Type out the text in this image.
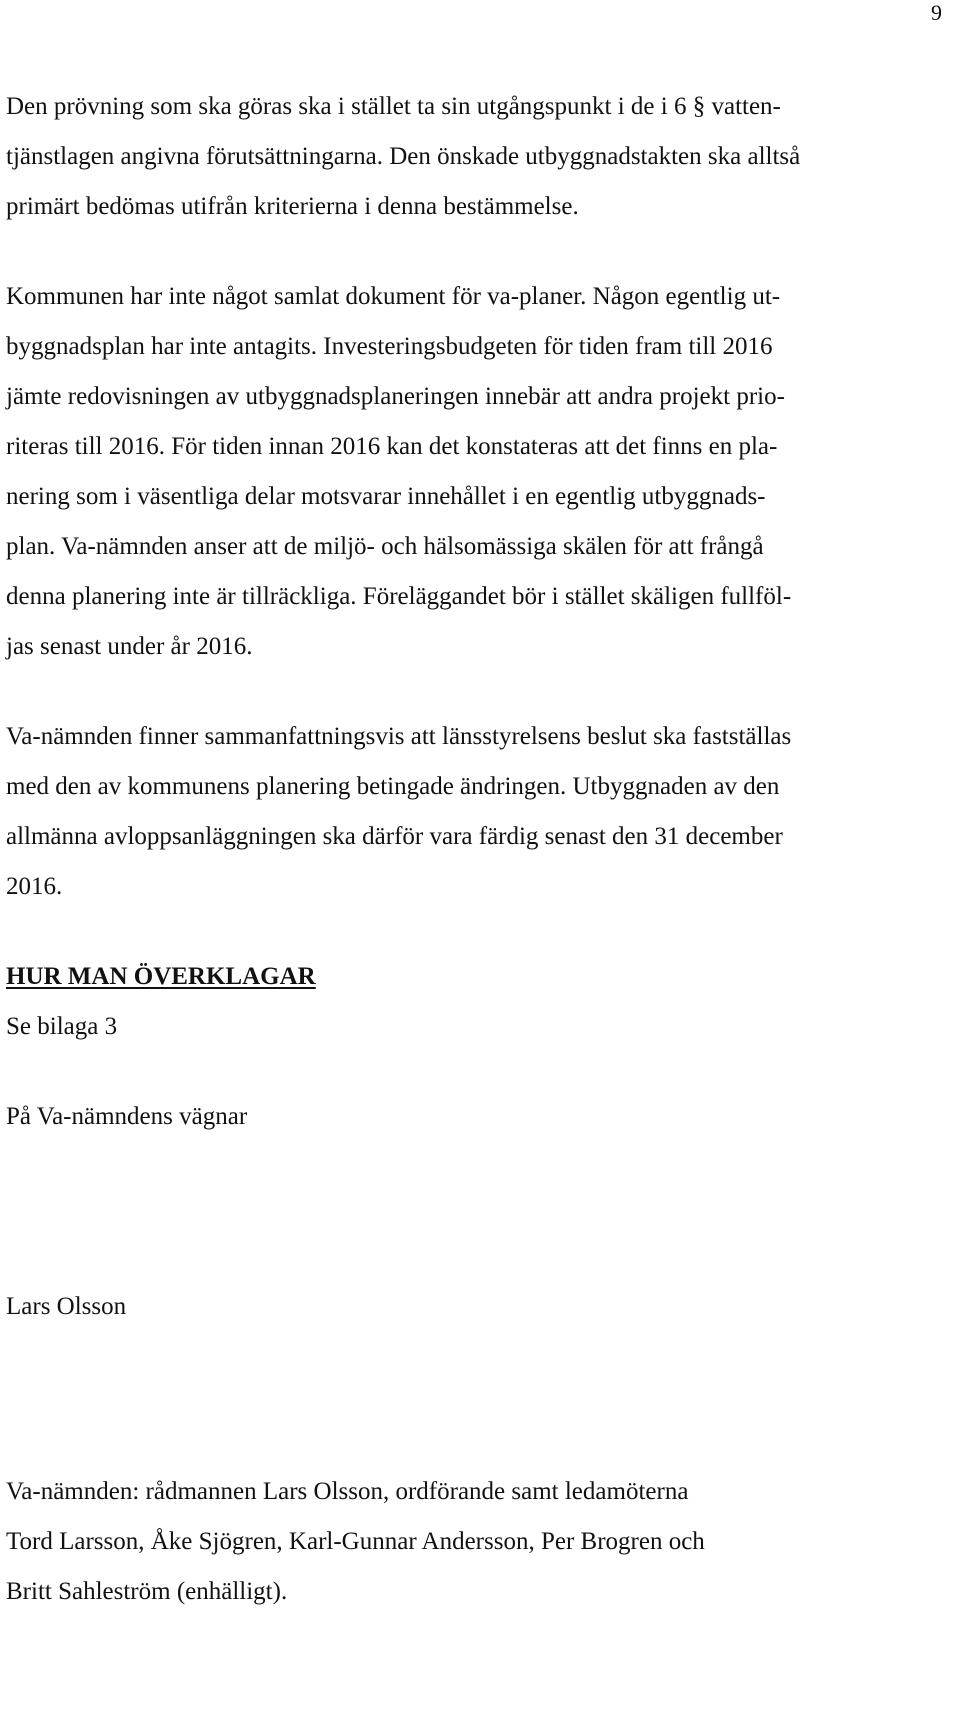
9
Den prövning som ska göras ska i stället ta sin utgångspunkt i de i 6 § vatten-
tjänstlagen angivna förutsättningarna. Den önskade utbyggnadstakten ska alltså
primärt bedömas utifrån kriterierna i denna bestämmelse.
Kommunen har inte något samlat dokument för va-planer. Någon egentlig ut-
byggnadsplan har inte antagits. Investeringsbudgeten för tiden fram till 2016
jämte redovisningen av utbyggnadsplaneringen innebär att andra projekt prio-
riteras till 2016. För tiden innan 2016 kan det konstateras att det finns en pla-
nering som i väsentliga delar motsvarar innehållet i en egentlig utbyggnads-
plan. Va-nämnden anser att de miljö- och hälsomässiga skälen för att frångå
denna planering inte är tillräckliga. Föreläggandet bör i stället skäligen fullföl-
jas senast under år 2016.
Va-nämnden finner sammanfattningsvis att länsstyrelsens beslut ska fastställas
med den av kommunens planering betingade ändringen. Utbyggnaden av den
allmänna avloppsanläggningen ska därför vara färdig senast den 31 december
2016.
HUR MAN ÖVERKLAGAR
Se bilaga 3
På Va-nämndens vägnar
Lars Olsson
Va-nämnden: rådmannen Lars Olsson, ordförande samt ledamöterna
Tord Larsson, Åke Sjögren, Karl-Gunnar Andersson, Per Brogren och
Britt Sahleström (enhälligt).
